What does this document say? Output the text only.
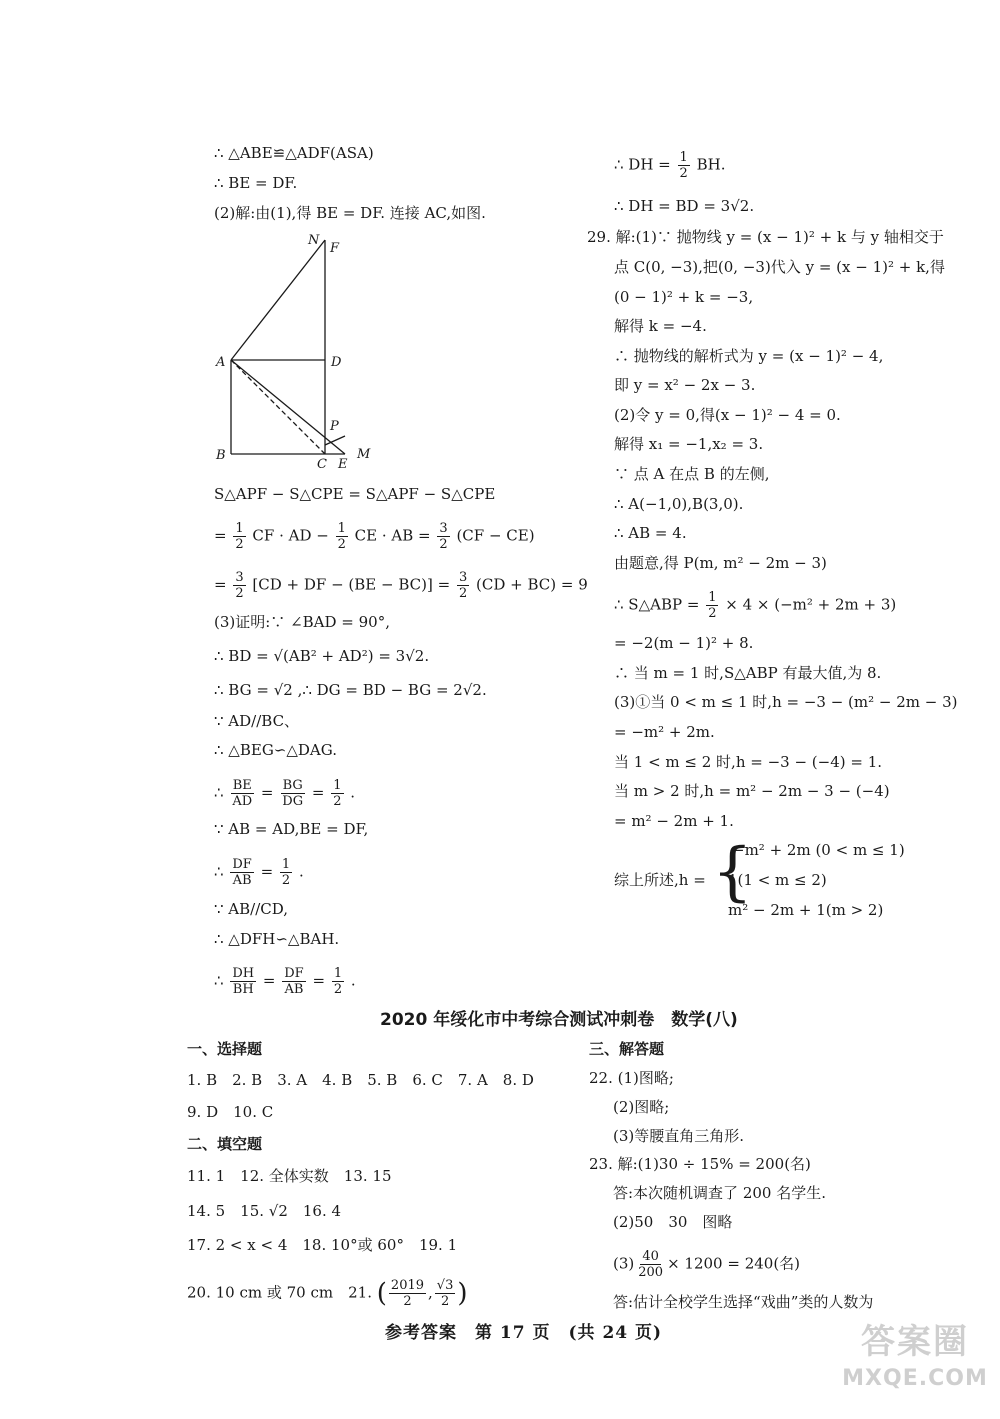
∴ △ABE≌△ADF(ASA)
∴ BE = DF.
(2)解:由(1),得 BE = DF. 连接 AC,如图.
N
F
A	D
P
B
C E
M
S△APF − S△CPE = S△APF − S△CPE
= $\frac{1}{2}$ CF · AD − $\frac{1}{2}$ CE · AB = $\frac{3}{2} (CF - CE)$
= $\frac{3}{2} [CD$ + DF − $(BE - BC)] = \frac{3}{2} (CD + BC) = 9$
(3)证明:∵ ∠BAD = 90°,
∴ BD = √(AB² + AD²) = 3√2.
∴ BG = √2 ,∴ DG = BD − BG = 2√2.
∵ AD//BC、
∴ △BEG∽△DAG.
∴ $\frac{BE}{AD} = \frac{BG}{DG} = \frac{1}{2}$ .
∵ AB = AD,BE = DF,
∴ $\frac{DF}{AB} = \frac{1}{2}$ .
∵ AB//CD,
∴ △DFH∽△BAH.
∴ $\frac{DH}{BH} = \frac{DF}{AB} = \frac{1}{2}$ .
∴ DH = $\frac{1}{2}$ BH.
∴ DH = BD = 3√2.
29. 解:(1)∵ 抛物线 y = (x − 1)² + k 与 y 轴相交于
点 C(0, −3),把(0, −3)代入 y = (x − 1)² + k,得
(0 − 1)² + k = −3,
解得 k = −4.
∴ 抛物线的解析式为 y = (x − 1)² − 4,
即 y = x² − 2x − 3.
(2)令 y = 0,得(x − 1)² − 4 = 0.
解得 x₁ = −1,x₂ = 3.
∵ 点 A 在点 B 的左侧,
∴ A(−1,0),B(3,0).
∴ AB = 4.
由题意,得 P(m, m² − 2m − 3)
∴ S△ABP = $\frac{1}{2} \times 4 \times (-m^2 + 2m + 3)$
= −2(m − 1)² + 8.
∴ 当 m = 1 时,S△ABP 有最大值,为 8.
(3)①当 0 < m ≤ 1 时,h = −3 − (m² − 2m − 3)
= −m² + 2m.
当 1 < m ≤ 2 时,h = −3 − (−4) = 1.
当 m > 2 时,h = m² − 2m − 3 − (−4)
= m² − 2m + 1.
综上所述,h = {
−m² + 2m (0 < m ≤ 1)
1(1 < m ≤ 2)
m² − 2m + 1(m > 2)
2020 年绥化市中考综合测试冲刺卷　数学(八)
一、选择题
1. B　2. B　3. A　4. B　5. B　6. C　7. A　8. D
9. D　10. C
二、填空题
11. 1　12. 全体实数　13. 15
14. 5　15. √2　16. 4
17. 2 < x < 4　18. 10°或 60°　19. 1
20. 10 cm 或 70 cm　21. ( $\frac{2019}{2}$ , $\frac{√3}{2}$ )
三、解答题
22. (1)图略;
(2)图略;
(3)等腰直角三角形.
23. 解:(1)30 ÷ 15% = 200(名)
答:本次随机调查了 200 名学生.
(2)50　30　图略
$(3) \frac{40}{200} \times 1200 = 240$(名)
答:估计全校学生选择“戏曲”类的人数为
参考答案　第 17 页　(共 24 页)	答案圈
MXQE.COM
